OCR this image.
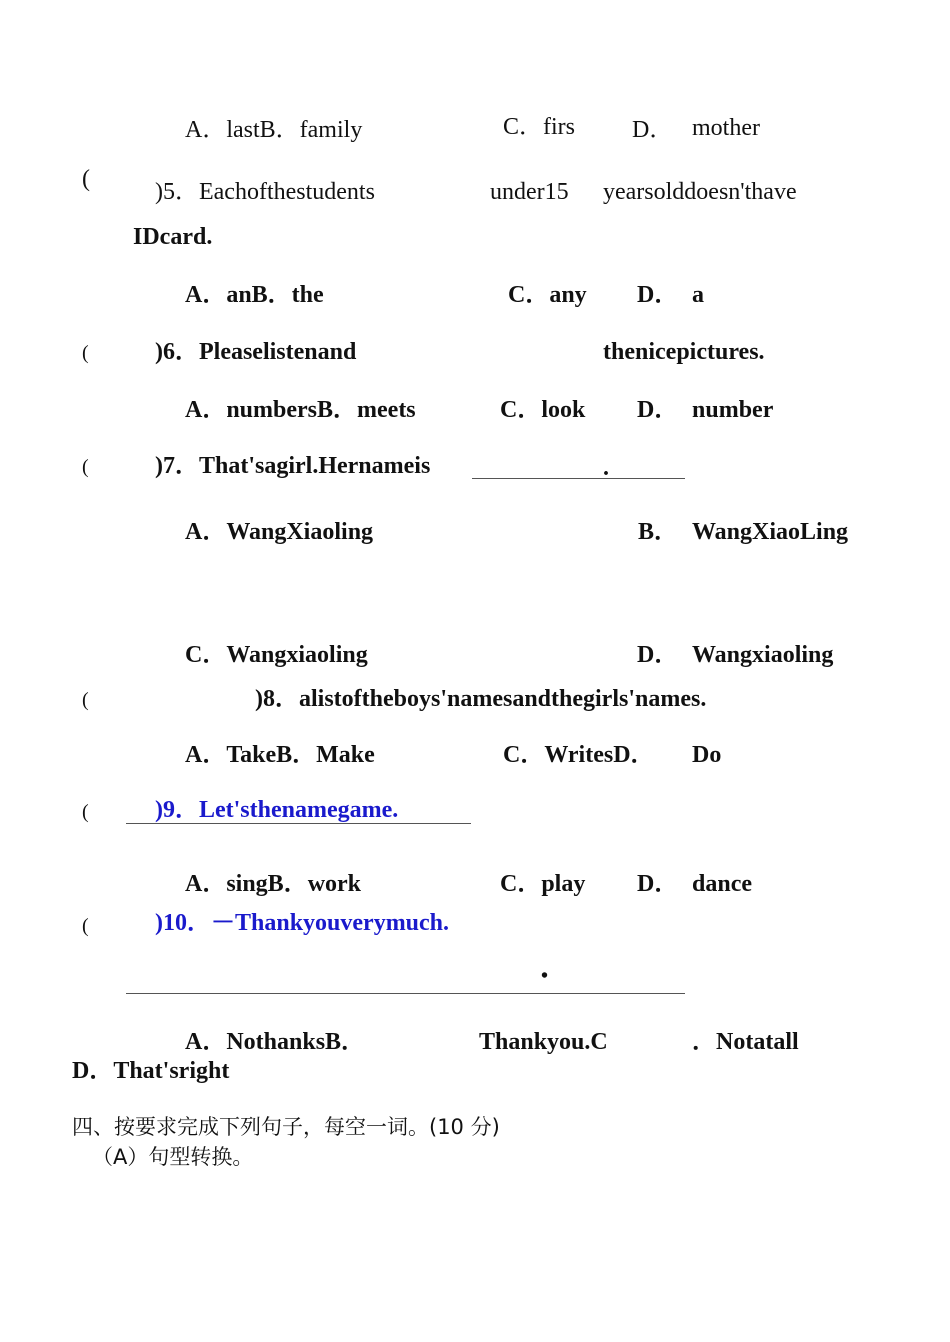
A．lastB．family	C．firs D． mother
(	)5．Eachofthestudents	under15 yearsolddoesn'thave
IDcard.
A．anB．the	C．any D． a
(	)6．Pleaselistenand	thenicepictures.
A．numbersB．meets	C．look D． number
(	)7．That'sagirl.Hernameis	.
A．WangXiaoling	B． WangXiaoLing
C．Wangxiaoling	D． Wangxiaoling
(	)8．alistoftheboys'namesandthegirls'names.
A．TakeB．Make	C．WritesD． Do
(	)9．Let'sthenamegame.
A．singB．work	C．play D． dance
(	)10．－Thankyouverymuch.
•
A．NothanksB．	Thankyou.C	．Notatall
D．That'sright
四、按要求完成下列句子，每空一词。(10 分)
（A）句型转换。
